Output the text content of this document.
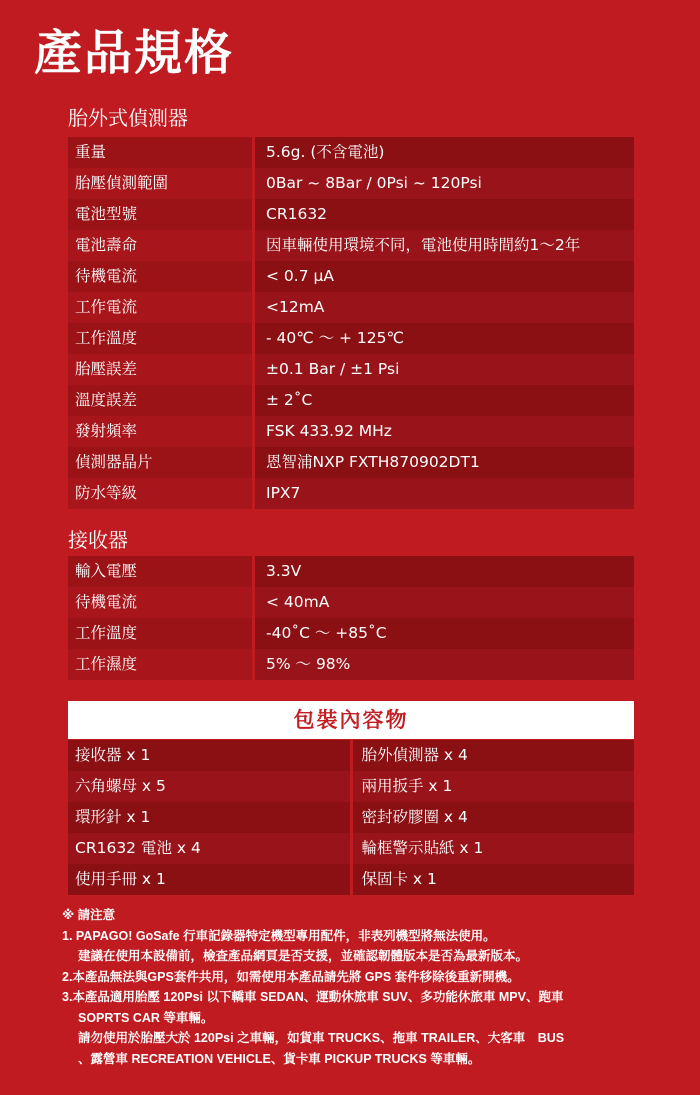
產品規格
胎外式偵測器
重量	5.6g. (不含電池)
胎壓偵測範圍	0Bar ~ 8Bar / 0Psi ~ 120Psi
電池型號	CR1632
電池壽命	因車輛使用環境不同，電池使用時間約1～2年
待機電流	< 0.7 µA
工作電流	<12mA
工作溫度	- 40℃ ～ + 125℃
胎壓誤差	±0.1 Bar / ±1 Psi
溫度誤差	± 2˚C
發射頻率	FSK 433.92 MHz
偵測器晶片	恩智浦NXP FXTH870902DT1
防水等級	IPX7
接收器
輸入電壓	3.3V
待機電流	< 40mA
工作溫度	-40˚C ～ +85˚C
工作濕度	5% ～ 98%
包裝內容物
接收器 x 1	胎外偵測器 x 4
六角螺母 x 5	兩用扳手 x 1
環形針 x 1	密封矽膠圈 x 4
CR1632 電池 x 4	輪框警示貼紙 x 1
使用手冊 x 1	保固卡 x 1
※ 請注意
1. PAPAGO! GoSafe 行車記錄器特定機型專用配件，非表列機型將無法使用。
建議在使用本設備前，檢查產品網頁是否支援，並確認韌體版本是否為最新版本。
2.本產品無法與GPS套件共用，如需使用本產品請先將 GPS 套件移除後重新開機。
3.本產品適用胎壓 120Psi 以下轎車 SEDAN、運動休旅車 SUV、多功能休旅車 MPV、跑車
SOPRTS CAR 等車輛。
請勿使用於胎壓大於 120Psi 之車輛，如貨車 TRUCKS、拖車 TRAILER、大客車　BUS
、露營車 RECREATION VEHICLE、貨卡車 PICKUP TRUCKS 等車輛。
